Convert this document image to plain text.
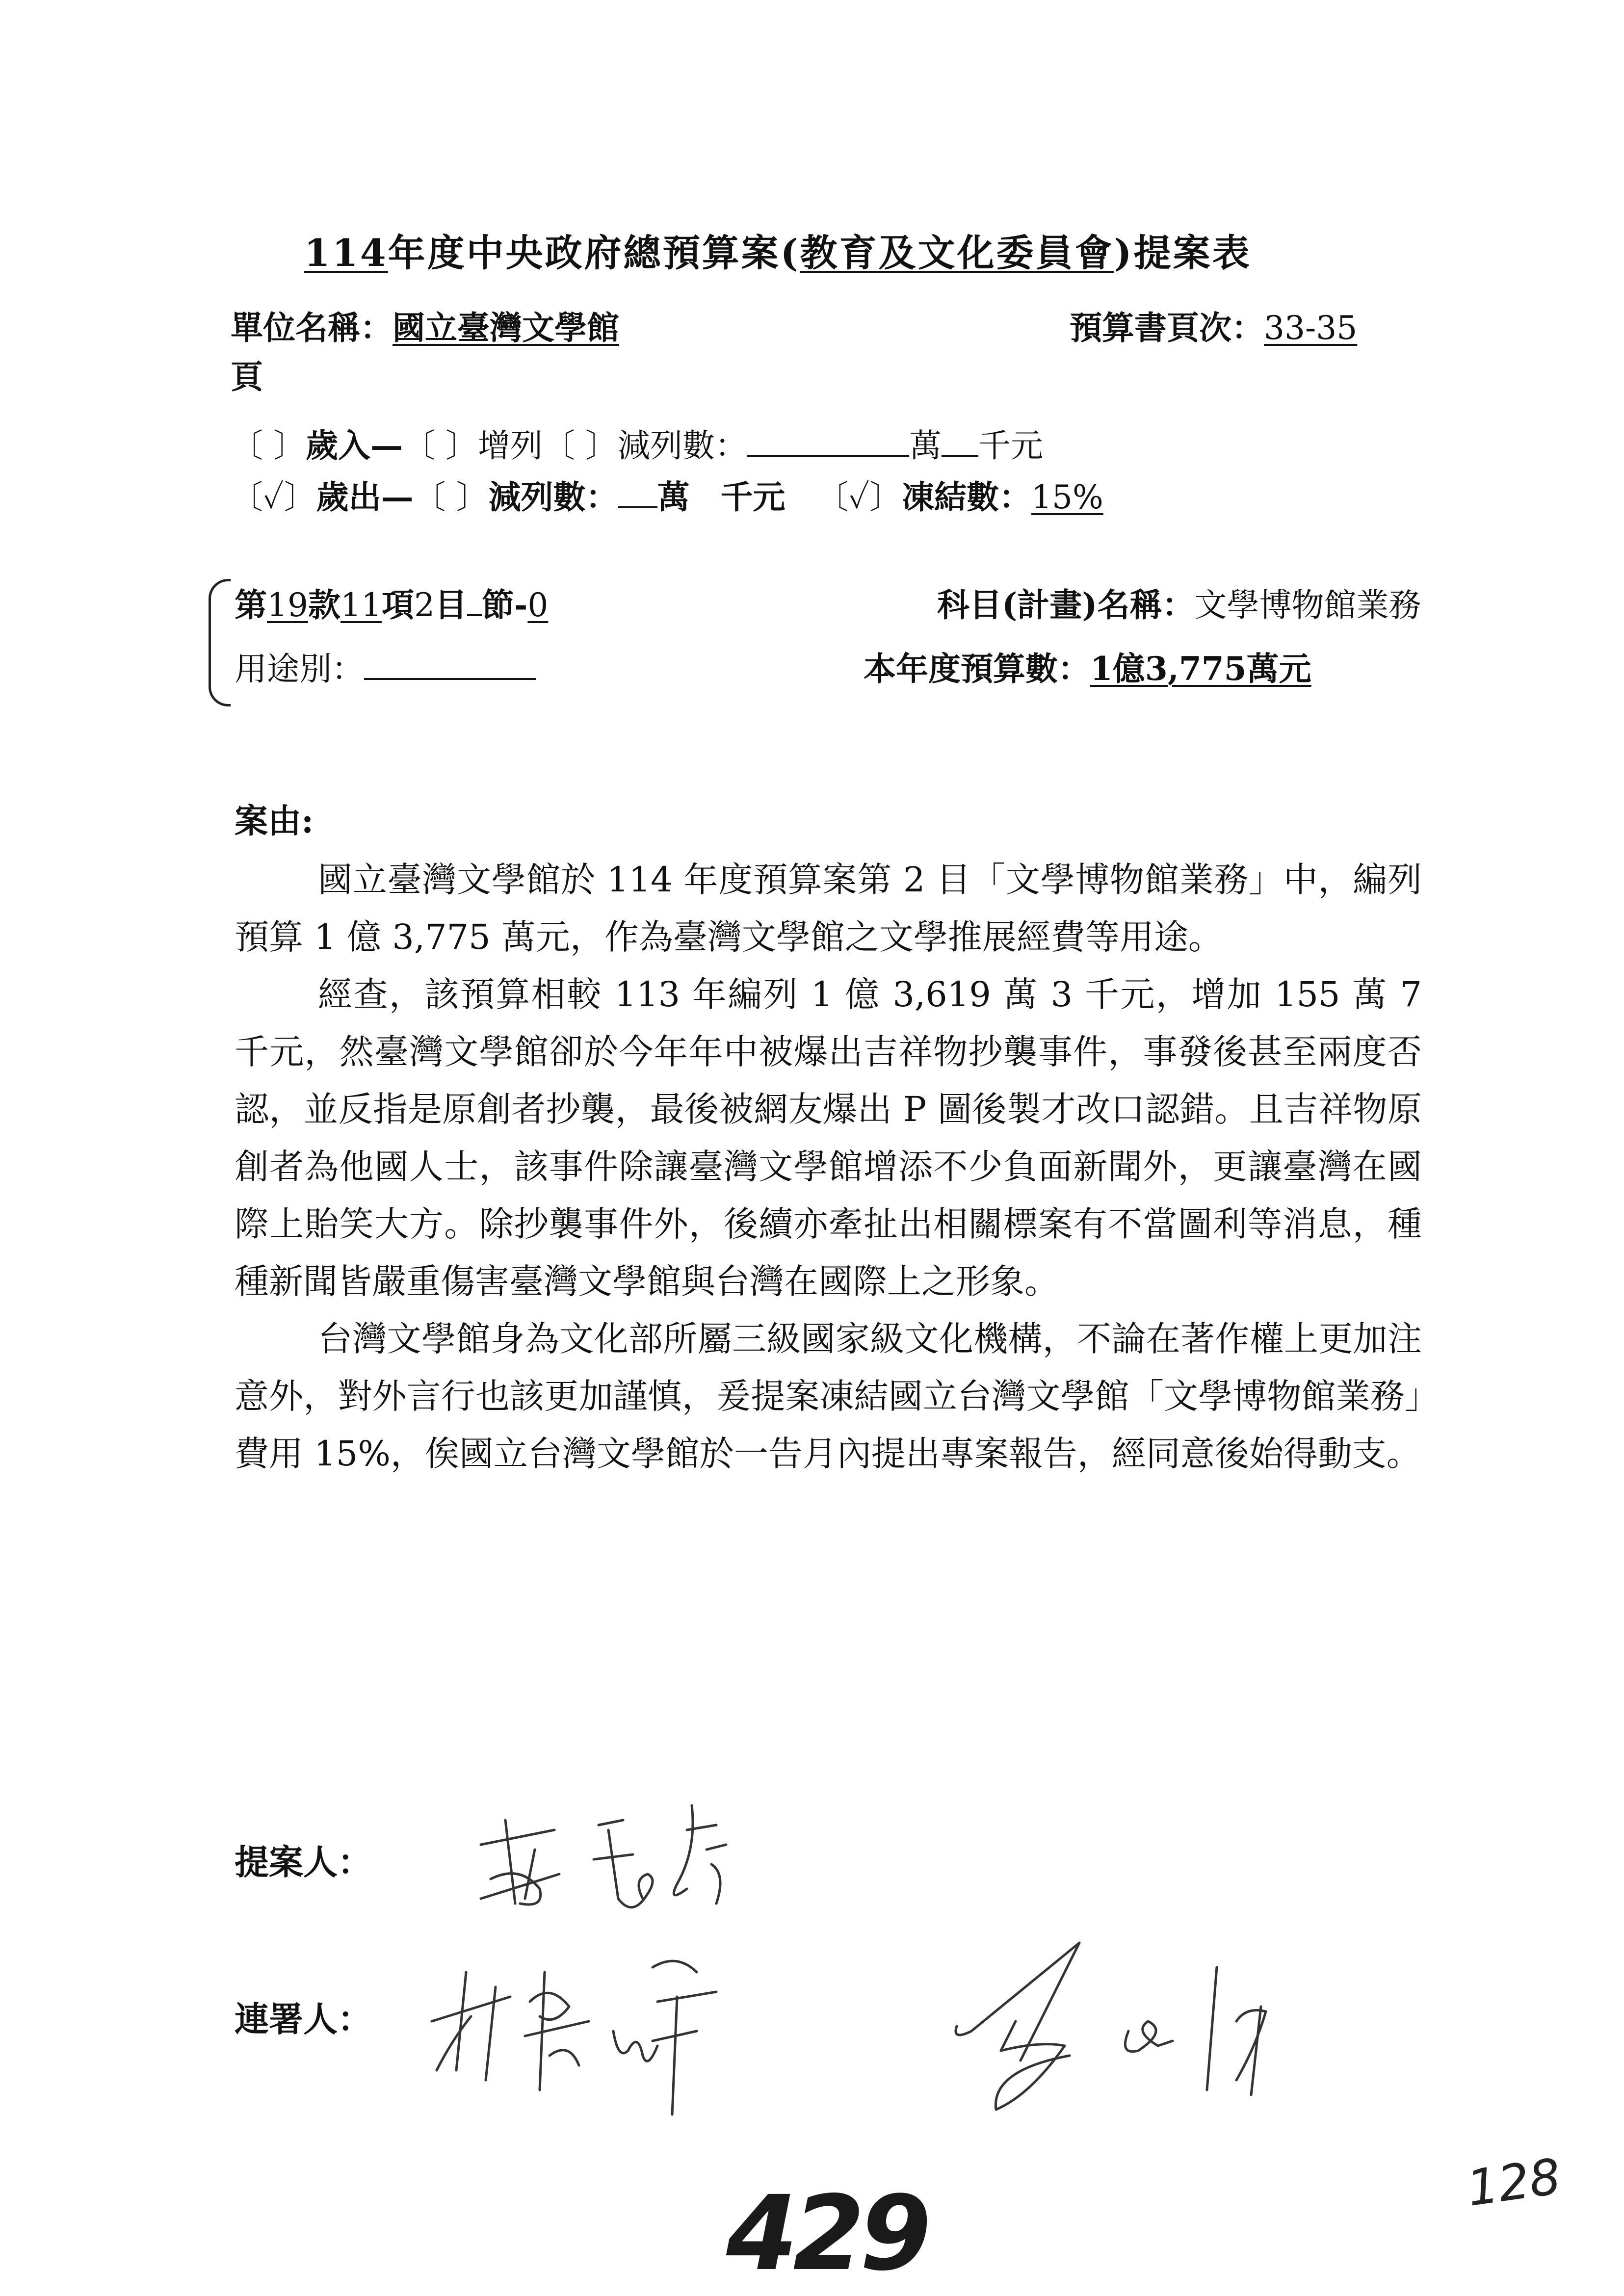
114年度中央政府總預算案(教育及文化委員會)提案表
單位名稱：國立臺灣文學館	預算書頁次：33-35
頁
〔 〕歲入—〔 〕增列〔 〕減列數：	萬 千元
〔✓〕歲出—〔 〕減列數： 萬 千元 〔✓〕凍結數：15%
第19款11項2目 節-0	科目(計畫)名稱：文學博物館業務
用途別：	本年度預算數：1億3,775萬元
案由:

國立臺灣文學館於 114 年度預算案第 2 目「文學博物館業務」中，編列預算 1 億 3,775 萬元，作為臺灣文學館之文學推展經費等用途。

經查，該預算相較 113 年編列 1 億 3,619 萬 3 千元，增加 155 萬 7 千元，然臺灣文學館卻於今年年中被爆出吉祥物抄襲事件，事發後甚至兩度否認，並反指是原創者抄襲，最後被網友爆出 P 圖後製才改口認錯。且吉祥物原創者為他國人士，該事件除讓臺灣文學館增添不少負面新聞外，更讓臺灣在國際上貽笑大方。除抄襲事件外，後續亦牽扯出相關標案有不當圖利等消息，種種新聞皆嚴重傷害臺灣文學館與台灣在國際上之形象。

台灣文學館身為文化部所屬三級國家級文化機構，不論在著作權上更加注意外，對外言行也該更加謹慎，爰提案凍結國立台灣文學館「文學博物館業務」費用 15%，俟國立台灣文學館於一告月內提出專案報告，經同意後始得動支。

提案人：
連署人：
429	128
